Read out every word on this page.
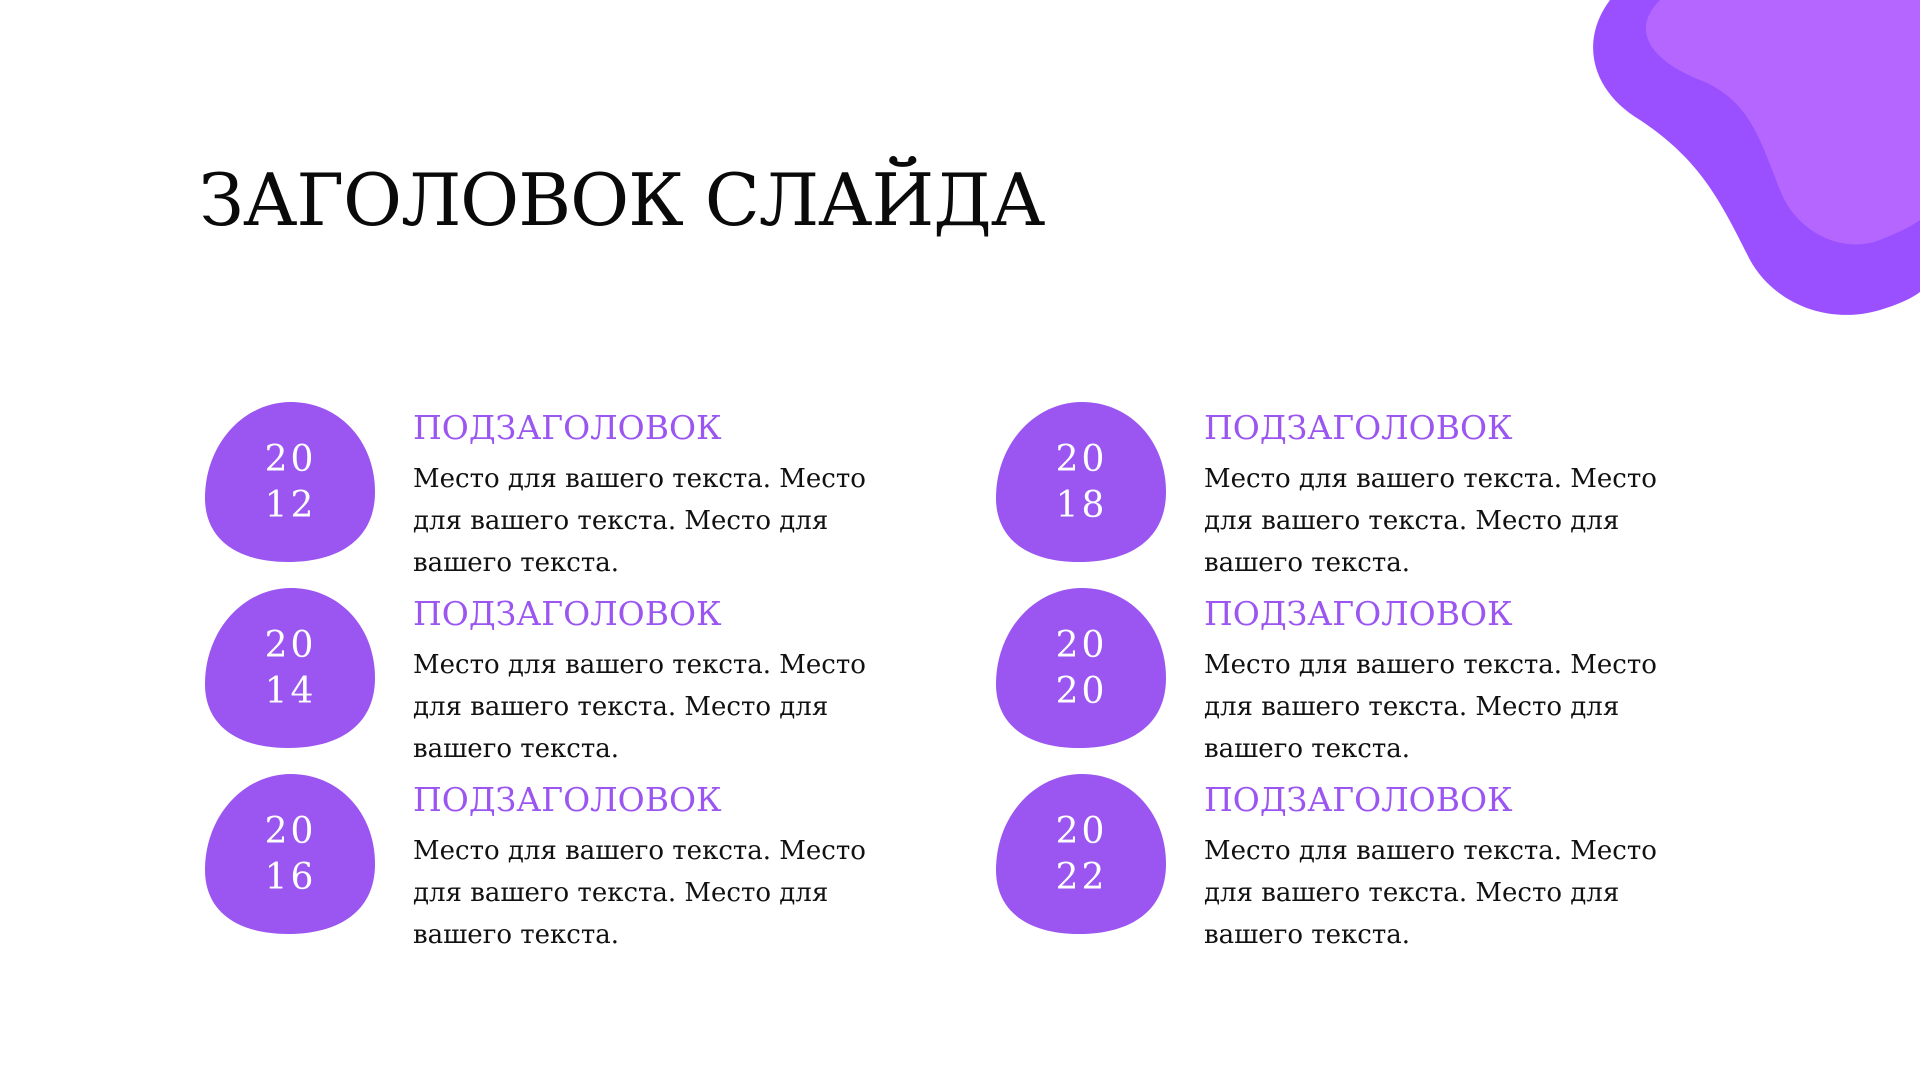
ЗАГОЛОВОК СЛАЙДА
20
12
ПОДЗАГОЛОВОК

Место для вашего текста. Место для вашего текста. Место для вашего текста.

20
14
ПОДЗАГОЛОВОК

Место для вашего текста. Место для вашего текста. Место для вашего текста.

20
16
ПОДЗАГОЛОВОК

Место для вашего текста. Место для вашего текста. Место для вашего текста.

20
18
ПОДЗАГОЛОВОК

Место для вашего текста. Место для вашего текста. Место для вашего текста.

20
20
ПОДЗАГОЛОВОК

Место для вашего текста. Место для вашего текста. Место для вашего текста.

20
22
ПОДЗАГОЛОВОК

Место для вашего текста. Место для вашего текста. Место для вашего текста.
